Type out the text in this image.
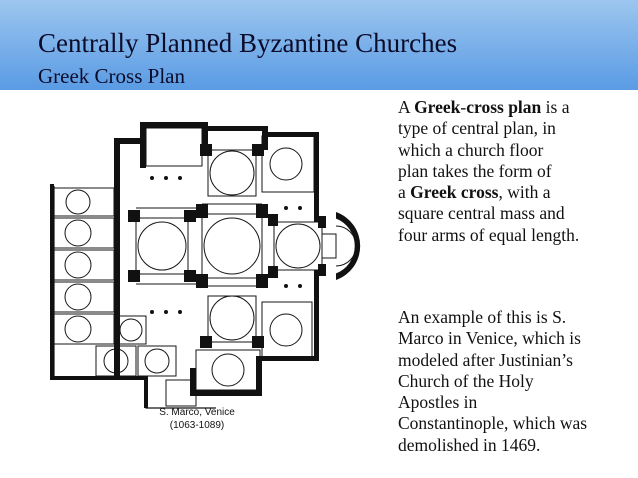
Centrally Planned Byzantine Churches
Greek Cross Plan
S. Marco, Venice
(1063-1089)
A Greek-cross plan is a
type of central plan, in
which a church floor
plan takes the form of
a Greek cross, with a
square central mass and
four arms of equal length.
An example of this is S.
Marco in Venice, which is
modeled after Justinian’s
Church of the Holy
Apostles in
Constantinople, which was
demolished in 1469.
